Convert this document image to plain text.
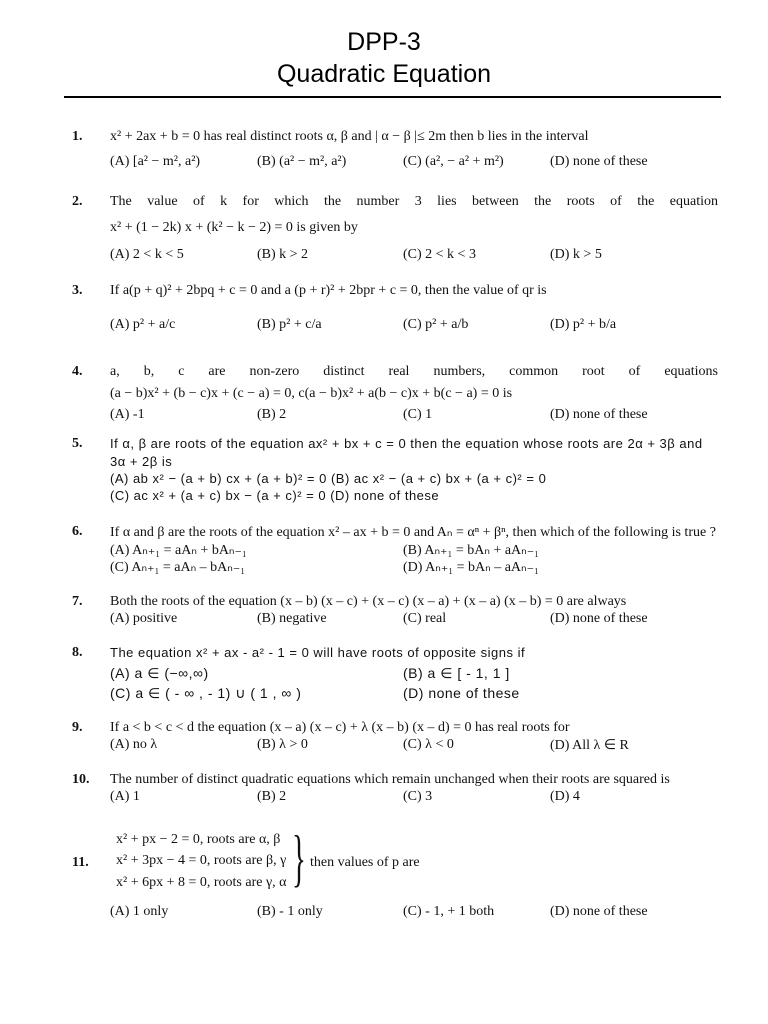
DPP-3
Quadratic Equation
1. x² + 2ax + b = 0 has real distinct roots α, β and | α − β |≤ 2m then b lies in the interval
(A) [a² − m², a²)	(B) (a² − m², a²)	(C) (a², − a² + m²)	(D) none of these
2. The value of k for which the number 3 lies between the roots of the equation
x² + (1 − 2k) x + (k² − k − 2) = 0 is given by
(A) 2 < k < 5	(B) k > 2	(C) 2 < k < 3	(D) k > 5
3. If a(p + q)² + 2bpq + c = 0 and a (p + r)² + 2bpr + c = 0, then the value of qr is
(A) p² + a/c	(B) p² + c/a	(C) p² + a/b	(D) p² + b/a
4. a, b, c are non-zero distinct real numbers, common root of equations
(a − b)x² + (b − c)x + (c − a) = 0, c(a − b)x² + a(b − c)x + b(c − a) = 0 is
(A) -1	(B) 2	(C) 1	(D) none of these
5. If α, β are roots of the equation ax² + bx + c = 0 then the equation whose roots are 2α + 3β and
3α + 2β is
(A) ab x² − (a + b) cx + (a + b)² = 0 (B) ac x² − (a + c) bx + (a + c)² = 0
(C) ac x² + (a + c) bx − (a + c)² = 0 (D) none of these
6. If α and β are the roots of the equation x² – ax + b = 0 and Aₙ = αⁿ + βⁿ, then which of the following is true ?
(A) Aₙ₊₁ = aAₙ + bAₙ₋₁	(B) Aₙ₊₁ = bAₙ + aAₙ₋₁
(C) Aₙ₊₁ = aAₙ – bAₙ₋₁	(D) Aₙ₊₁ = bAₙ – aAₙ₋₁
7. Both the roots of the equation (x – b) (x – c) + (x – c) (x – a) + (x – a) (x – b) = 0 are always
(A) positive	(B) negative	(C) real	(D) none of these
8. The equation x² + ax - a² - 1 = 0 will have roots of opposite signs if
(A) a ∈ (−∞,∞)	(B) a ∈ [ - 1, 1 ]
(C) a ∈ ( - ∞ , - 1) ∪ ( 1 , ∞ )	(D) none of these
9. If a < b < c < d the equation (x – a) (x – c) + λ (x – b) (x – d) = 0 has real roots for
(A) no λ	(B) λ > 0	(C) λ < 0	(D) All λ ∈ R
10. The number of distinct quadratic equations which remain unchanged when their roots are squared is
(A) 1	(B) 2	(C) 3	(D) 4
11.
x² + px − 2 = 0, roots are α, β
x² + 3px − 4 = 0, roots are β, γ
x² + 6px + 8 = 0, roots are γ, α } then values of p are
(A) 1 only	(B) - 1 only	(C) - 1, + 1 both	(D) none of these
